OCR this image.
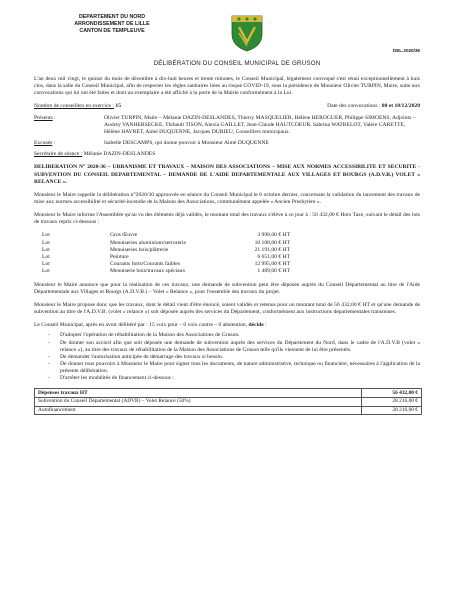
DEPARTEMENT DU NORD
ARRONDISSEMENT DE LILLE
CANTON DE TEMPLEUVE
DEL.2020/36
DÉLIBÉRATION DU CONSEIL MUNICIPAL DE GRUSON

L'an deux mil vingt, le quinze du mois de décembre à dix-huit heures et trente minutes, le Conseil Municipal, légalement convoqué s'est réuni exceptionnellement à huis clos, dans la salle du Conseil Municipal, afin de respecter les règles sanitaires liées au risque COVID-19, sous la présidence de Monsieur Olivier TURPIN, Maire, suite aux convocations qui lui ont été faites et dont un exemplaire a été affiché à la porte de la Mairie conformément à la Loi.

Nombre de conseillers en exercice : 15	Date des convocations : 08 et 10/12/2020
Présents :	Olivier TURPIN, Maire – Mélanie DAZIN-DESLANDES, Thierry MASQUELIER, Hélène HEROGUER, Philippe SIMOENS, Adjoints – Audrey VANHERSECKE, Thibault TISON, Alexia GAILLET, Jean-Claude HAUTCOEUR, Sabrina WATRELOT, Valère CARETTE, Hélène HAVRET, Aimé DUQUENNE, Jacques DURIEU, Conseillers municipaux.
Excusés :	Isabelle DESCAMPS, qui donne pouvoir à Monsieur Aimé DUQUENNE
Secrétaire de séance : Mélanie DAZIN-DESLANDES

DELIBERATION N° 2020-36 – URBANISME ET TRAVAUX – MAISON DES ASSOCIATIONS – MISE AUX NORMES ACCESSIBILITE ET SECURITE - SUBVENTION DU CONSEIL DEPARTEMENTAL – DEMANDE DE L'AIDE DEPARTEMENTALE AUX VILLAGES ET BOURGS (A.D.V.B.) VOLET « RELANCE ».

Monsieur le Maire rappelle la délibération n°2020/30 approuvée en séance du Conseil Municipal le 6 octobre dernier, concernant la validation du lancement des travaux de mise aux normes accessibilité et sécurité-incendie de la Maison des Associations, communément appelée « Ancien Presbytère ».

Monsieur le Maire informe l'Assemblée qu'au vu des éléments déjà validés, le montant total des travaux s'élève à ce jour à : 56 432,00 € Hors Taxe, suivant le détail des lots de travaux repris ci-dessous :

Lot	Gros Œuvre	3 998,00 € HT
Lot	Menuiseries aluminium/serrurerie	10 108,00 € HT
Lot	Menuiseries bois/plâtrerie	21 191,00 € HT
Lot	Peinture	6 651,00 € HT
Lot	Courants forts/Courants faibles	12 995,00 € HT
Lot	Menuiserie bois/travaux spéciaux	1 489,00 € HT

Monsieur le Maire annonce que pour la réalisation de ces travaux, une demande de subvention peut être déposée auprès du Conseil Départemental au titre de l'Aide Départementale aux Villages et Bourgs (A.D.V.B.) – Volet « Relance », pour l'ensemble des travaux du projet.

Monsieur le Maire propose donc que les travaux, dont le détail vient d'être énoncé, soient validés et retenus pour un montant total de 56 432,00 € HT et qu'une demande de subvention au titre de l'A.D.V.B. (volet « relance ») soit déposée auprès des services du Département, conformément aux instructions départementales transmises.

Le Conseil Municipal, après en avoir délibéré par : 15 voix pour – 0 voix contre – 0 abstention, décide :

- D'adopter l'opération de réhabilitation de la Maison des Associations de Gruson.
- De donner son accord afin que soit déposée une demande de subvention auprès des services du Département du Nord, dans le cadre de l'A.D.V.B (volet « relance »), au titre des travaux de réhabilitation de la Maison des Associations de Gruson telle qu'ils viennent de lui être présentés.
- De demander l'autorisation anticipée de démarrage des travaux si besoin.
- De donner tous pouvoirs à Monsieur le Maire pour signer tous les documents, de nature administrative, technique ou financière, nécessaires à l'application de la présente délibération.
- D'arrêter les modalités de financement ci-dessous :
Dépenses travaux HT	56 432,00 €
Subvention du Conseil Départemental (ADVB) – Volet Relance (50%)	28 216,00 €
Autofinancement	28 216,00 €
